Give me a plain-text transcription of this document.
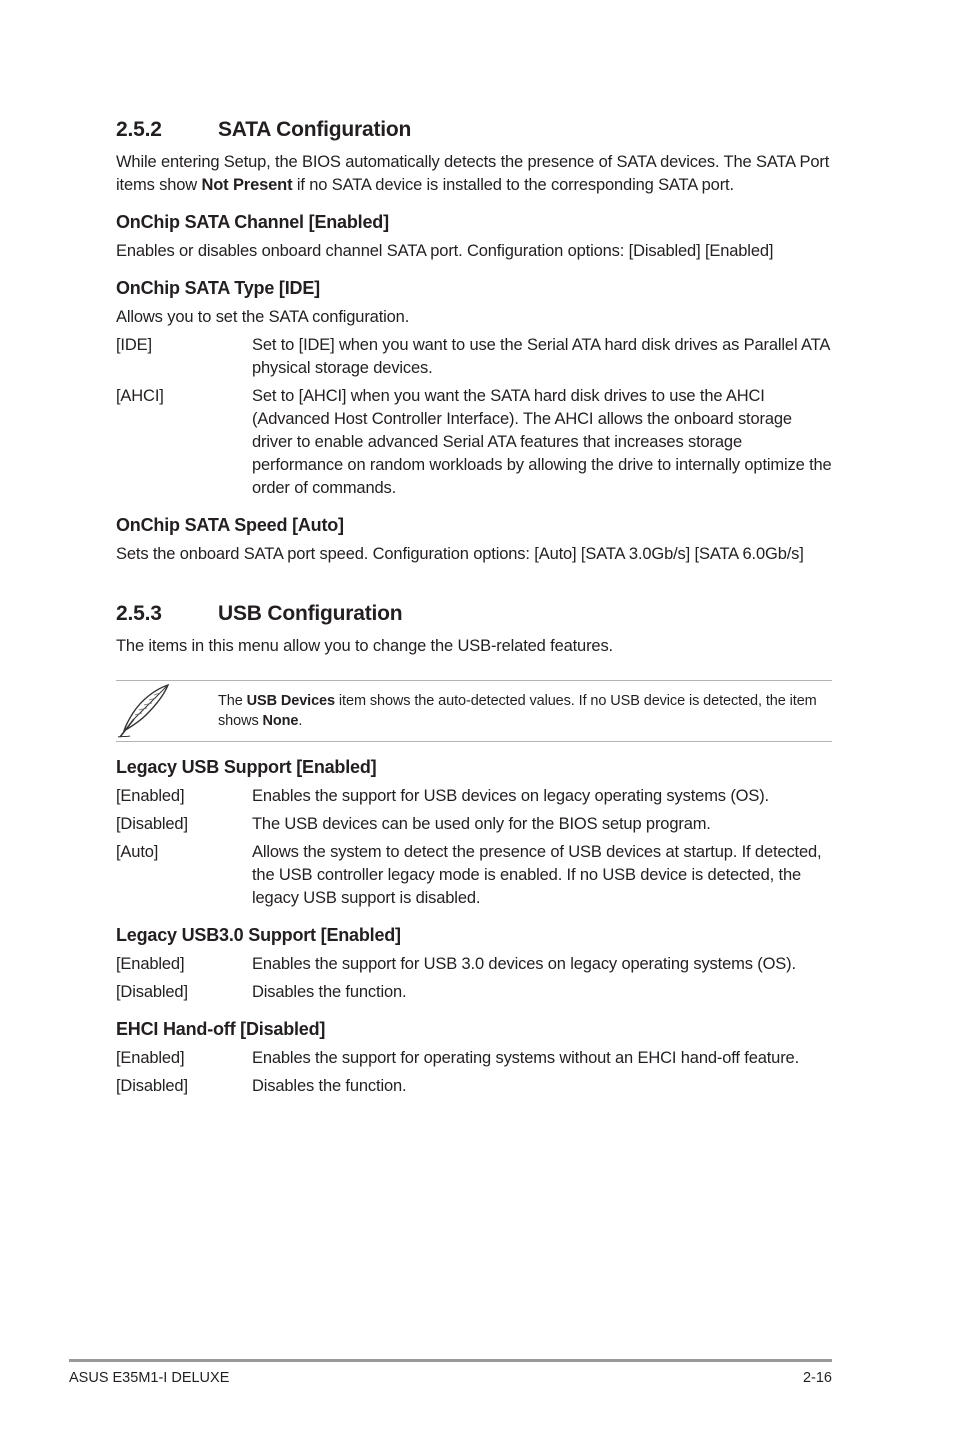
2.5.2	SATA Configuration

While entering Setup, the BIOS automatically detects the presence of SATA devices. The SATA Port items show Not Present if no SATA device is installed to the corresponding SATA port.

OnChip SATA Channel [Enabled]

Enables or disables onboard channel SATA port. Configuration options: [Disabled] [Enabled]

OnChip SATA Type [IDE]

Allows you to set the SATA configuration.

[IDE]	Set to [IDE] when you want to use the Serial ATA hard disk drives as Parallel ATA physical storage devices.
[AHCI]	Set to [AHCI] when you want the SATA hard disk drives to use the AHCI (Advanced Host Controller Interface). The AHCI allows the onboard storage driver to enable advanced Serial ATA features that increases storage performance on random workloads by allowing the drive to internally optimize the order of commands.
OnChip SATA Speed [Auto]

Sets the onboard SATA port speed. Configuration options: [Auto] [SATA 3.0Gb/s] [SATA 6.0Gb/s]

2.5.3	USB Configuration

The items in this menu allow you to change the USB-related features.

The USB Devices item shows the auto-detected values. If no USB device is detected, the item shows None.
Legacy USB Support [Enabled]
[Enabled]	Enables the support for USB devices on legacy operating systems (OS).
[Disabled]	The USB devices can be used only for the BIOS setup program.
[Auto]	Allows the system to detect the presence of USB devices at startup. If detected, the USB controller legacy mode is enabled. If no USB device is detected, the legacy USB support is disabled.
Legacy USB3.0 Support [Enabled]
[Enabled]	Enables the support for USB 3.0 devices on legacy operating systems (OS).
[Disabled]	Disables the function.
EHCI Hand-off [Disabled]
[Enabled]	Enables the support for operating systems without an EHCI hand-off feature.
[Disabled]	Disables the function.
ASUS E35M1-I DELUXE	2-16
